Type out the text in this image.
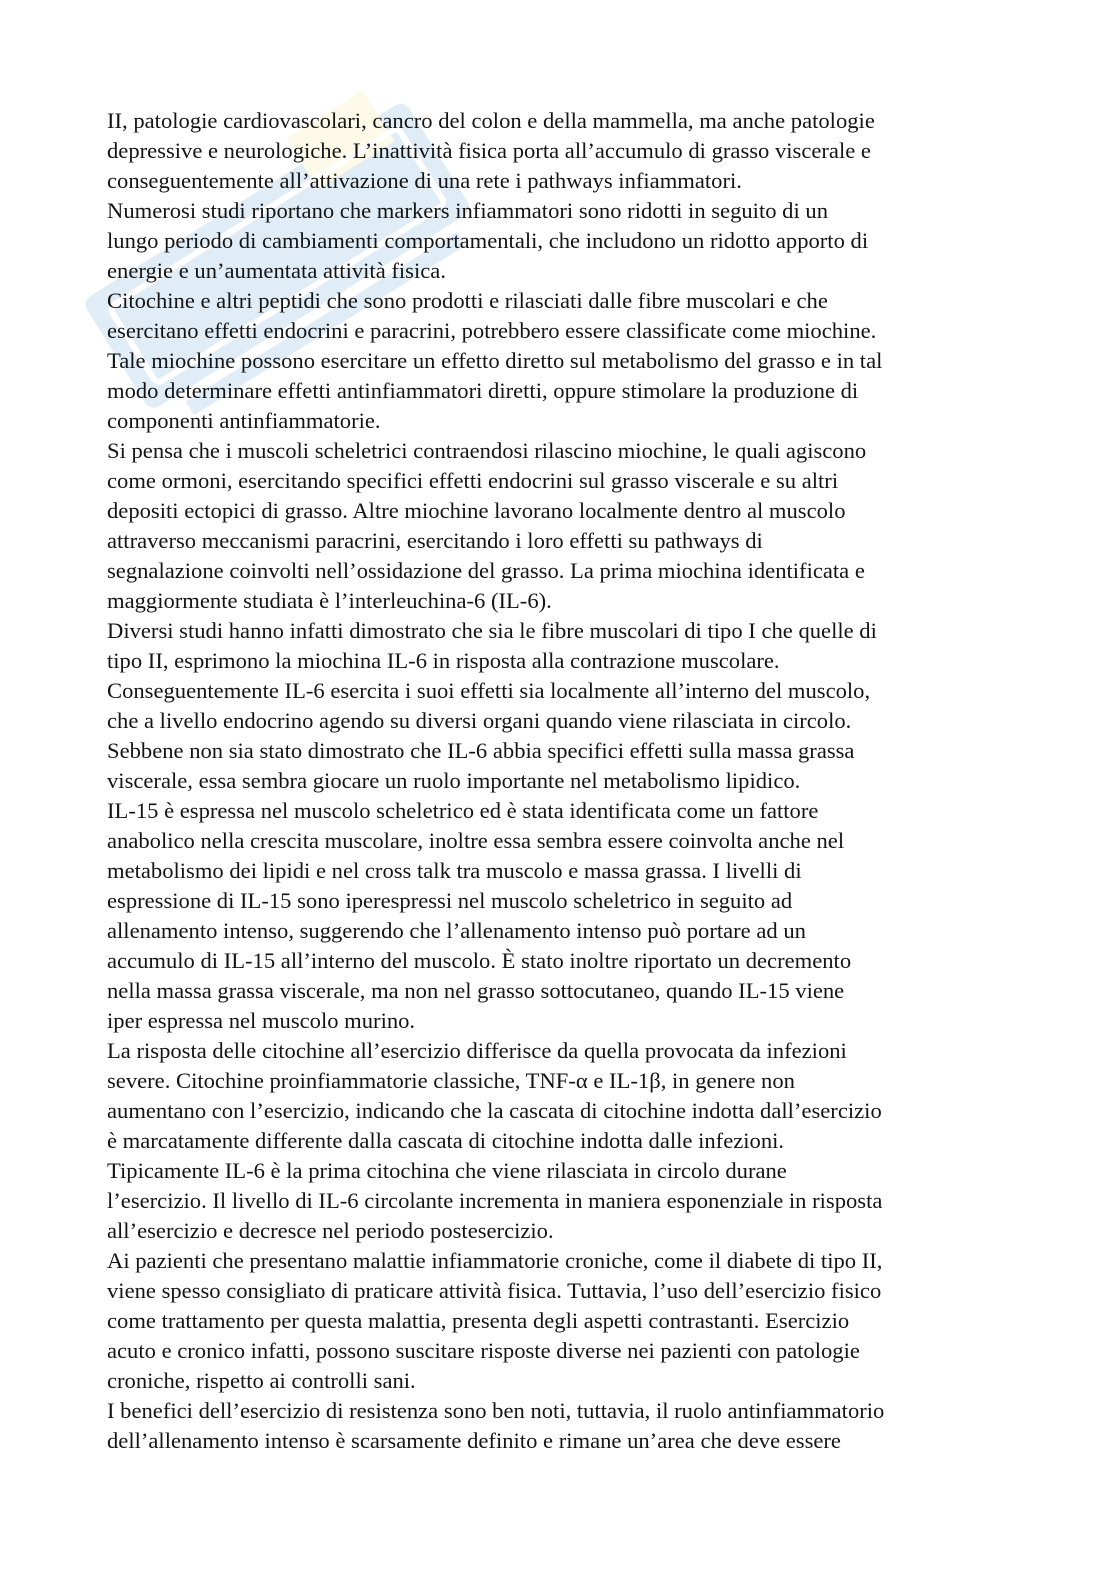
II, patologie cardiovascolari, cancro del colon e della mammella, ma anche patologie
depressive e neurologiche. L’inattività fisica porta all’accumulo di grasso viscerale e
conseguentemente all’attivazione di una rete i pathways infiammatori.
Numerosi studi riportano che markers infiammatori sono ridotti in seguito di un
lungo periodo di cambiamenti comportamentali, che includono un ridotto apporto di
energie e un’aumentata attività fisica.
Citochine e altri peptidi che sono prodotti e rilasciati dalle fibre muscolari e che
esercitano effetti endocrini e paracrini, potrebbero essere classificate come miochine.
Tale miochine possono esercitare un effetto diretto sul metabolismo del grasso e in tal
modo determinare effetti antinfiammatori diretti, oppure stimolare la produzione di
componenti antinfiammatorie.
Si pensa che i muscoli scheletrici contraendosi rilascino miochine, le quali agiscono
come ormoni, esercitando specifici effetti endocrini sul grasso viscerale e su altri
depositi ectopici di grasso. Altre miochine lavorano localmente dentro al muscolo
attraverso meccanismi paracrini, esercitando i loro effetti su pathways di
segnalazione coinvolti nell’ossidazione del grasso. La prima miochina identificata e
maggiormente studiata è l’interleuchina-6 (IL-6).
Diversi studi hanno infatti dimostrato che sia le fibre muscolari di tipo I che quelle di
tipo II, esprimono la miochina IL-6 in risposta alla contrazione muscolare.
Conseguentemente IL-6 esercita i suoi effetti sia localmente all’interno del muscolo,
che a livello endocrino agendo su diversi organi quando viene rilasciata in circolo.
Sebbene non sia stato dimostrato che IL-6 abbia specifici effetti sulla massa grassa
viscerale, essa sembra giocare un ruolo importante nel metabolismo lipidico.
IL-15 è espressa nel muscolo scheletrico ed è stata identificata come un fattore
anabolico nella crescita muscolare, inoltre essa sembra essere coinvolta anche nel
metabolismo dei lipidi e nel cross talk tra muscolo e massa grassa. I livelli di
espressione di IL-15 sono iperespressi nel muscolo scheletrico in seguito ad
allenamento intenso, suggerendo che l’allenamento intenso può portare ad un
accumulo di IL-15 all’interno del muscolo. È stato inoltre riportato un decremento
nella massa grassa viscerale, ma non nel grasso sottocutaneo, quando IL-15 viene
iper espressa nel muscolo murino.
La risposta delle citochine all’esercizio differisce da quella provocata da infezioni
severe. Citochine proinfiammatorie classiche, TNF-α e IL-1β, in genere non
aumentano con l’esercizio, indicando che la cascata di citochine indotta dall’esercizio
è marcatamente differente dalla cascata di citochine indotta dalle infezioni.
Tipicamente IL-6 è la prima citochina che viene rilasciata in circolo durane
l’esercizio. Il livello di IL-6 circolante incrementa in maniera esponenziale in risposta
all’esercizio e decresce nel periodo postesercizio.
Ai pazienti che presentano malattie infiammatorie croniche, come il diabete di tipo II,
viene spesso consigliato di praticare attività fisica. Tuttavia, l’uso dell’esercizio fisico
come trattamento per questa malattia, presenta degli aspetti contrastanti. Esercizio
acuto e cronico infatti, possono suscitare risposte diverse nei pazienti con patologie
croniche, rispetto ai controlli sani.
I benefici dell’esercizio di resistenza sono ben noti, tuttavia, il ruolo antinfiammatorio
dell’allenamento intenso è scarsamente definito e rimane un’area che deve essere
